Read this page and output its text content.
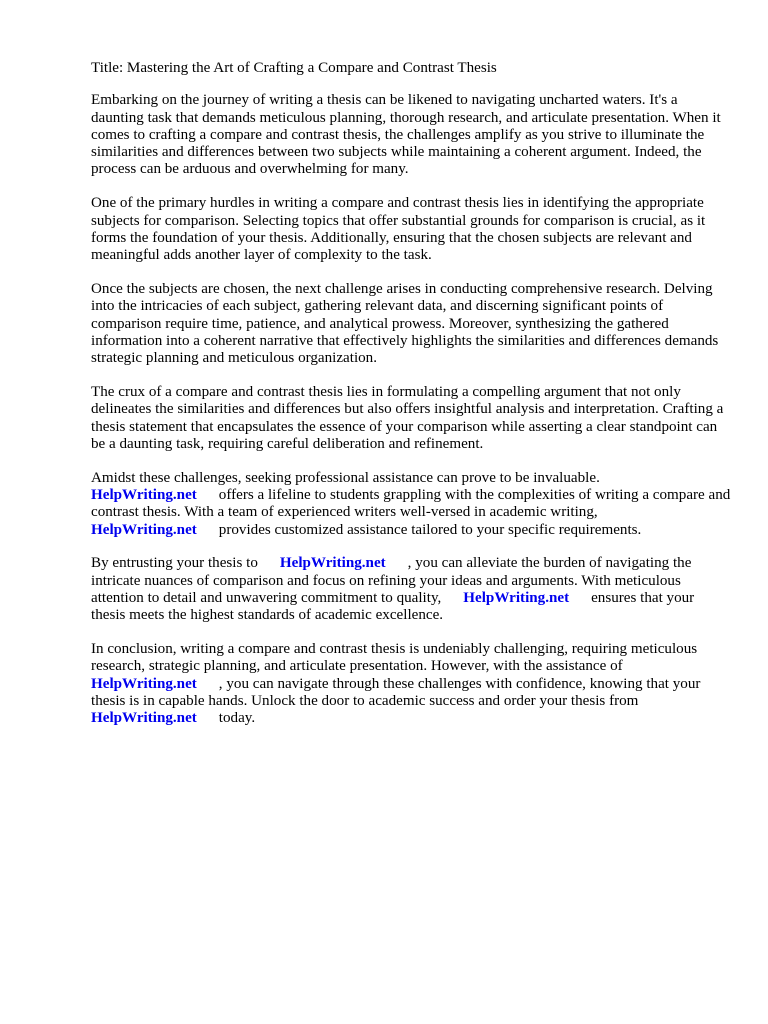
Title: Mastering the Art of Crafting a Compare and Contrast Thesis

Embarking on the journey of writing a thesis can be likened to navigating uncharted waters. It's a daunting task that demands meticulous planning, thorough research, and articulate presentation. When it comes to crafting a compare and contrast thesis, the challenges amplify as you strive to illuminate the similarities and differences between two subjects while maintaining a coherent argument. Indeed, the process can be arduous and overwhelming for many.

One of the primary hurdles in writing a compare and contrast thesis lies in identifying the appropriate subjects for comparison. Selecting topics that offer substantial grounds for comparison is crucial, as it forms the foundation of your thesis. Additionally, ensuring that the chosen subjects are relevant and meaningful adds another layer of complexity to the task.

Once the subjects are chosen, the next challenge arises in conducting comprehensive research. Delving into the intricacies of each subject, gathering relevant data, and discerning significant points of comparison require time, patience, and analytical prowess. Moreover, synthesizing the gathered information into a coherent narrative that effectively highlights the similarities and differences demands strategic planning and meticulous organization.

The crux of a compare and contrast thesis lies in formulating a compelling argument that not only delineates the similarities and differences but also offers insightful analysis and interpretation. Crafting a thesis statement that encapsulates the essence of your comparison while asserting a clear standpoint can be a daunting task, requiring careful deliberation and refinement.

Amidst these challenges, seeking professional assistance can prove to be invaluable.
HelpWriting.net offers a lifeline to students grappling with the complexities of writing a compare and contrast thesis. With a team of experienced writers well-versed in academic writing,
HelpWriting.net provides customized assistance tailored to your specific requirements.

By entrusting your thesis to HelpWriting.net , you can alleviate the burden of navigating the intricate nuances of comparison and focus on refining your ideas and arguments. With meticulous attention to detail and unwavering commitment to quality, HelpWriting.net ensures that your thesis meets the highest standards of academic excellence.

In conclusion, writing a compare and contrast thesis is undeniably challenging, requiring meticulous research, strategic planning, and articulate presentation. However, with the assistance of
HelpWriting.net , you can navigate through these challenges with confidence, knowing that your thesis is in capable hands. Unlock the door to academic success and order your thesis from
HelpWriting.net today.
